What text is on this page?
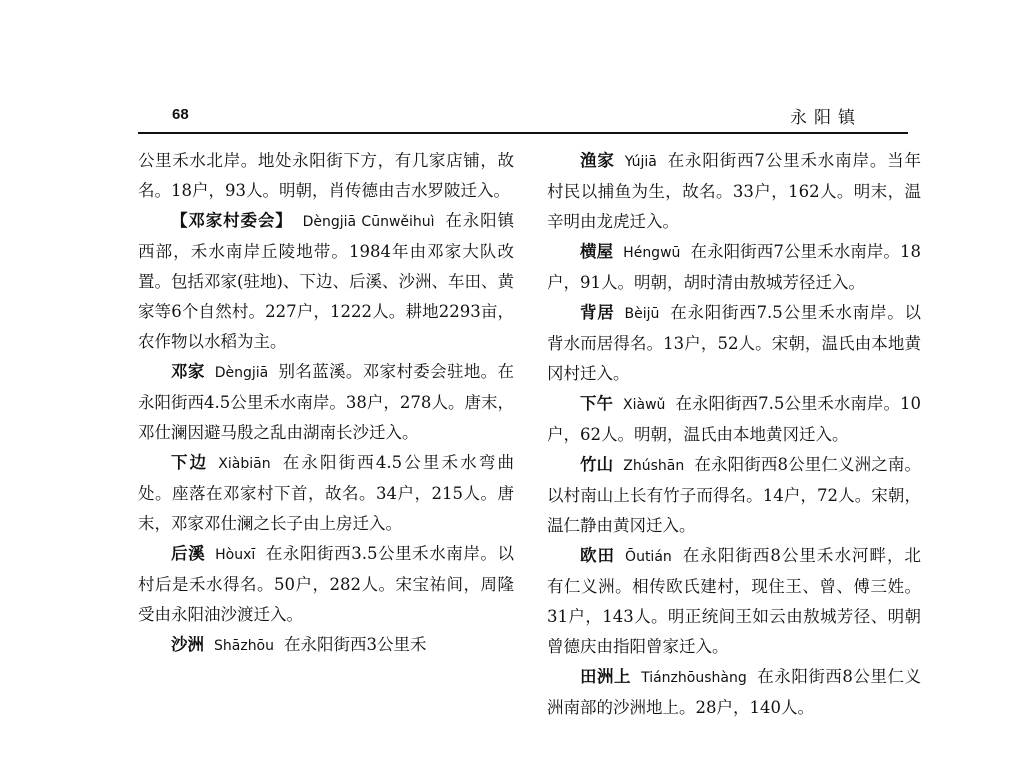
68	永阳镇

公里禾水北岸。地处永阳街下方，有几家店铺，故名。18户，93人。明朝，肖传德由吉水罗陂迁入。

【邓家村委会】 Dèngjiā Cūnwěihuì 在永阳镇西部，禾水南岸丘陵地带。1984年由邓家大队改置。包括邓家(驻地)、下边、后溪、沙洲、车田、黄家等6个自然村。227户，1222人。耕地2293亩，农作物以水稻为主。

邓家 Dèngjiā 别名蓝溪。邓家村委会驻地。在永阳街西4.5公里禾水南岸。38户，278人。唐末，邓仕澜因避马殷之乱由湖南长沙迁入。

下边 Xiàbiān 在永阳街西4.5公里禾水弯曲处。座落在邓家村下首，故名。34户，215人。唐末，邓家邓仕澜之长子由上房迁入。

后溪 Hòuxī 在永阳街西3.5公里禾水南岸。以村后是禾水得名。50户，282人。宋宝祐间，周隆受由永阳油沙渡迁入。

沙洲 Shāzhōu 在永阳街西3公里禾

渔家 Yújiā 在永阳街西7公里禾水南岸。当年村民以捕鱼为生，故名。33户，162人。明末，温辛明由龙虎迁入。

横屋 Héngwū 在永阳街西7公里禾水南岸。18户，91人。明朝，胡时清由敖城芳径迁入。

背居 Bèijū 在永阳街西7.5公里禾水南岸。以背水而居得名。13户，52人。宋朝，温氏由本地黄冈村迁入。

下午 Xiàwǔ 在永阳街西7.5公里禾水南岸。10户，62人。明朝，温氏由本地黄冈迁入。

竹山 Zhúshān 在永阳街西8公里仁义洲之南。以村南山上长有竹子而得名。14户，72人。宋朝，温仁静由黄冈迁入。

欧田 Ōutián 在永阳街西8公里禾水河畔，北有仁义洲。相传欧氏建村，现住王、曾、傅三姓。31户，143人。明正统间王如云由敖城芳径、明朝曾德庆由指阳曾家迁入。

田洲上 Tiánzhōushàng 在永阳街西8公里仁义洲南部的沙洲地上。28户，140人。
